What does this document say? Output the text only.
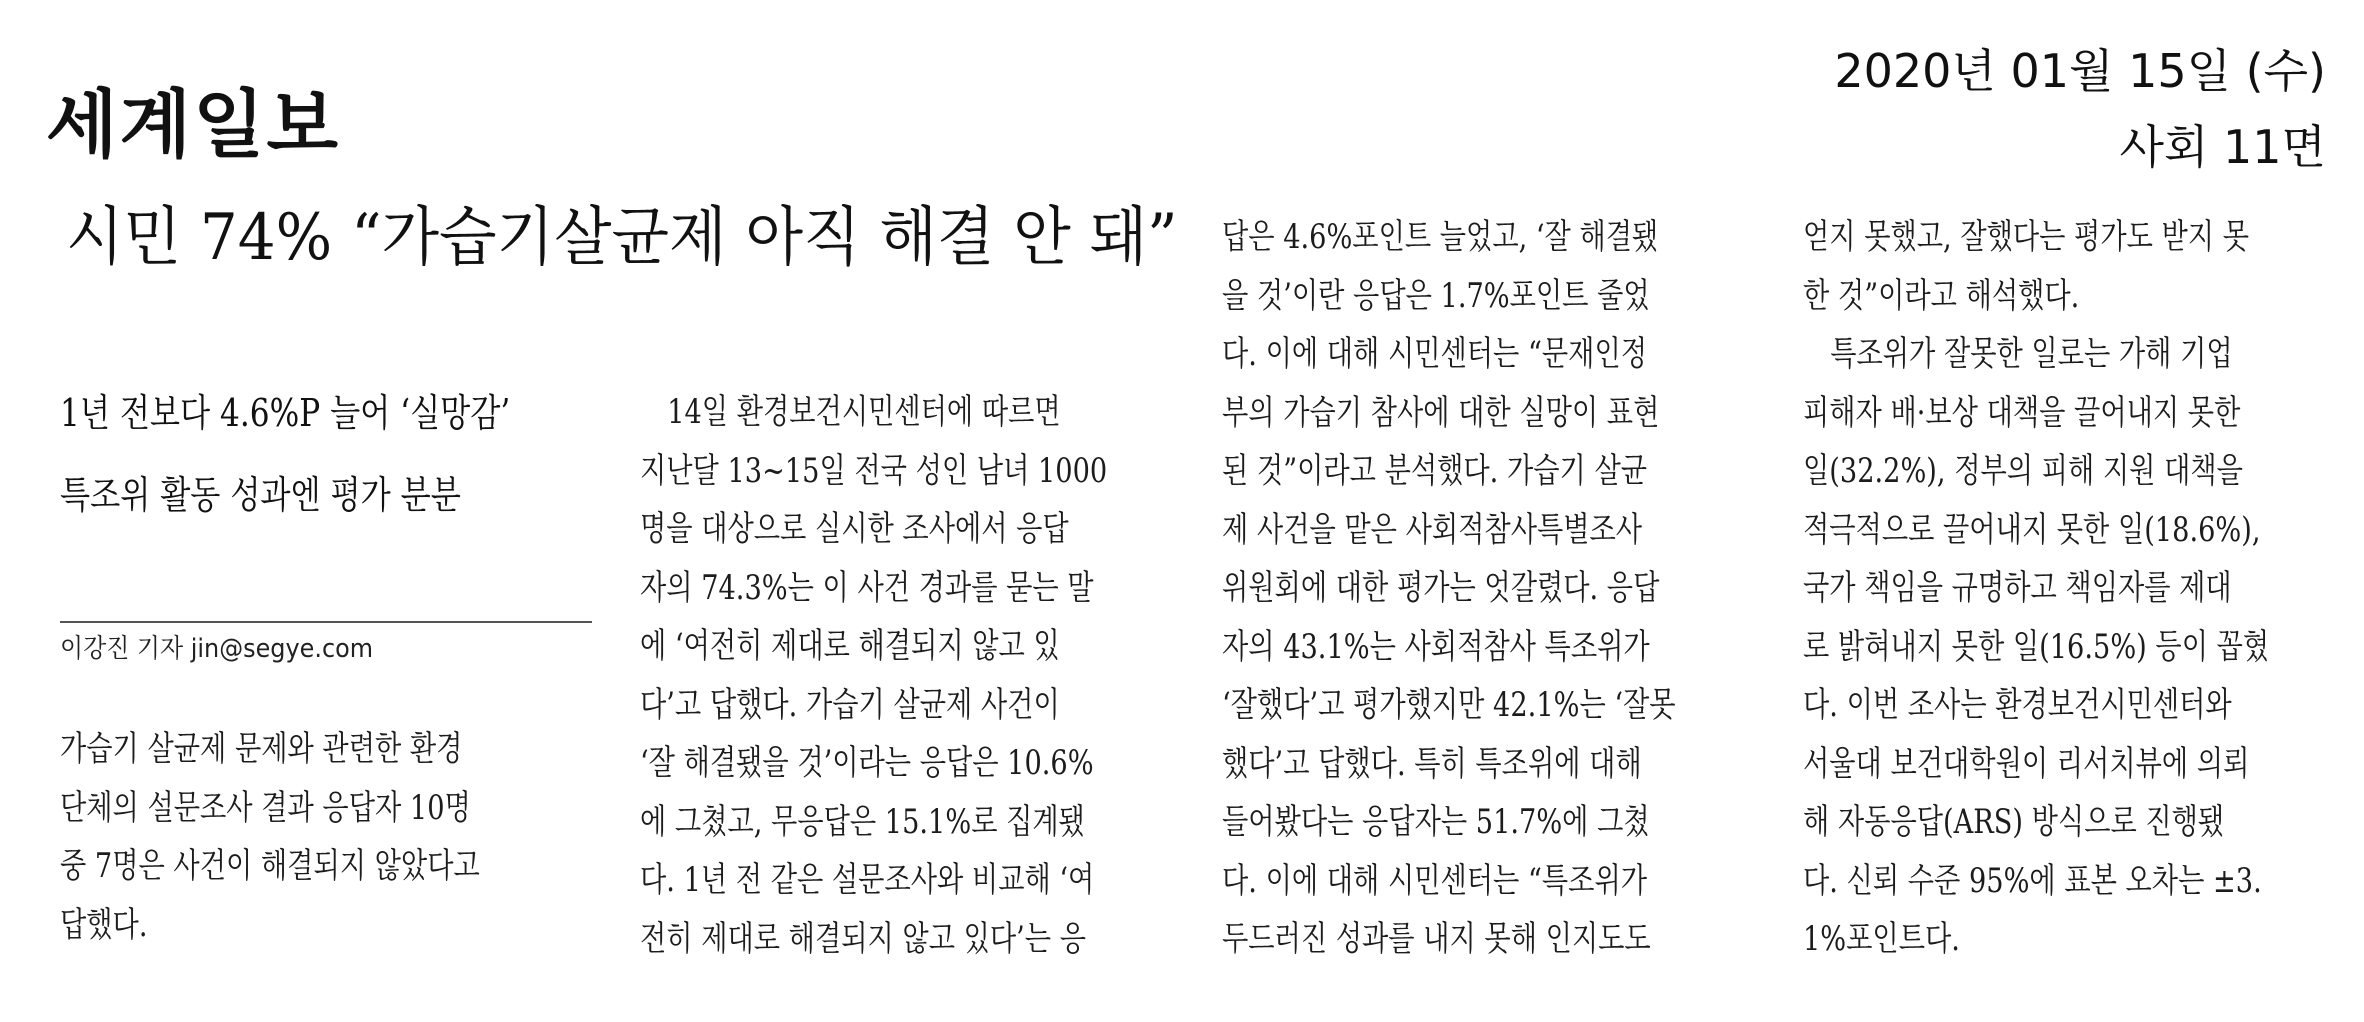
세계일보
2020년 01월 15일 (수)
사회 11면
시민 74% “가습기살균제 아직 해결 안 돼”
1년 전보다 4.6%P 늘어 ‘실망감’
특조위 활동 성과엔 평가 분분
이강진 기자 jin@segye.com
가습기 살균제 문제와 관련한 환경
단체의 설문조사 결과 응답자 10명
중 7명은 사건이 해결되지 않았다고
답했다.
14일 환경보건시민센터에 따르면
지난달 13~15일 전국 성인 남녀 1000
명을 대상으로 실시한 조사에서 응답
자의 74.3%는 이 사건 경과를 묻는 말
에 ‘여전히 제대로 해결되지 않고 있
다’고 답했다. 가습기 살균제 사건이
‘잘 해결됐을 것’이라는 응답은 10.6%
에 그쳤고, 무응답은 15.1%로 집계됐
다. 1년 전 같은 설문조사와 비교해 ‘여
전히 제대로 해결되지 않고 있다’는 응
답은 4.6%포인트 늘었고, ‘잘 해결됐
을 것’이란 응답은 1.7%포인트 줄었
다. 이에 대해 시민센터는 “문재인정
부의 가습기 참사에 대한 실망이 표현
된 것”이라고 분석했다. 가습기 살균
제 사건을 맡은 사회적참사특별조사
위원회에 대한 평가는 엇갈렸다. 응답
자의 43.1%는 사회적참사 특조위가
‘잘했다’고 평가했지만 42.1%는 ‘잘못
했다’고 답했다. 특히 특조위에 대해
들어봤다는 응답자는 51.7%에 그쳤
다. 이에 대해 시민센터는 “특조위가
두드러진 성과를 내지 못해 인지도도
얻지 못했고, 잘했다는 평가도 받지 못
한 것”이라고 해석했다.
특조위가 잘못한 일로는 가해 기업
피해자 배·보상 대책을 끌어내지 못한
일(32.2%), 정부의 피해 지원 대책을
적극적으로 끌어내지 못한 일(18.6%),
국가 책임을 규명하고 책임자를 제대
로 밝혀내지 못한 일(16.5%) 등이 꼽혔
다. 이번 조사는 환경보건시민센터와
서울대 보건대학원이 리서치뷰에 의뢰
해 자동응답(ARS) 방식으로 진행됐
다. 신뢰 수준 95%에 표본 오차는 ±3.
1%포인트다.
